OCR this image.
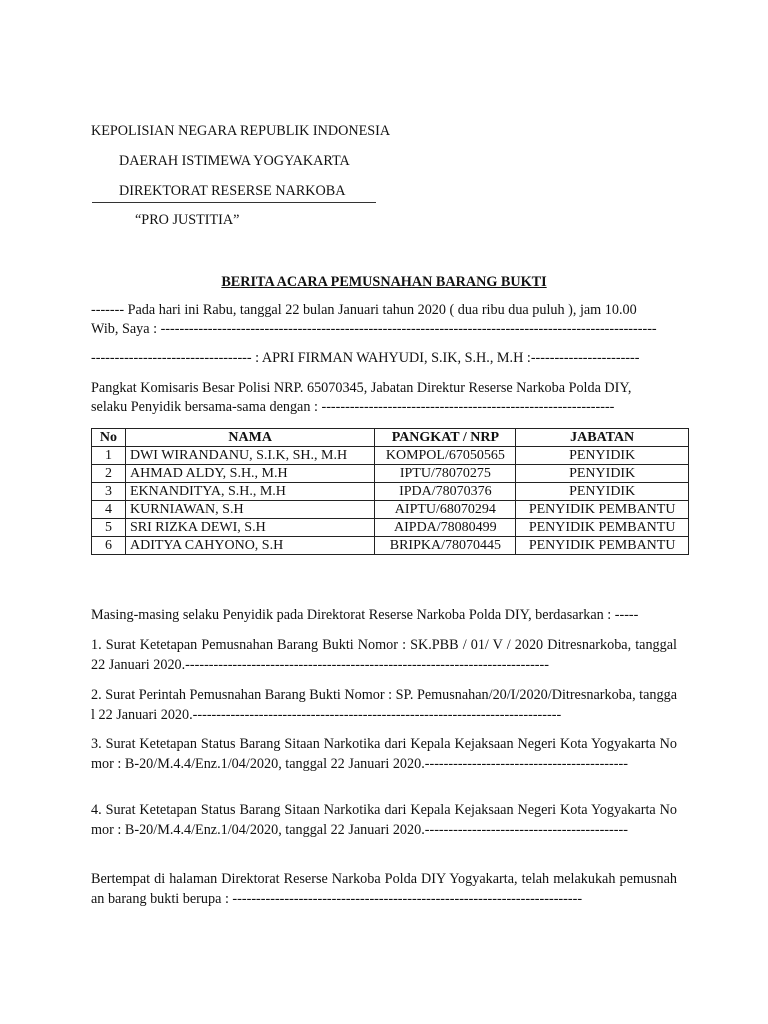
KEPOLISIAN NEGARA REPUBLIK INDONESIA
DAERAH ISTIMEWA YOGYAKARTA
DIREKTORAT RESERSE NARKOBA
“PRO JUSTITIA”
BERITA ACARA PEMUSNAHAN BARANG BUKTI
------- Pada hari ini Rabu, tanggal 22 bulan Januari tahun 2020 ( dua ribu dua puluh ), jam 10.00
Wib, Saya : ---------------------------------------------------------------------------------------------------------
---------------------------------- : APRI FIRMAN WAHYUDI, S.IK, S.H., M.H :-----------------------
Pangkat Komisaris Besar Polisi NRP. 65070345, Jabatan Direktur Reserse Narkoba Polda DIY,
selaku Penyidik bersama-sama dengan : --------------------------------------------------------------
No	NAMA	PANGKAT / NRP	JABATAN
1	DWI WIRANDANU, S.I.K, SH., M.H	KOMPOL/67050565	PENYIDIK
2	AHMAD ALDY, S.H., M.H	IPTU/78070275	PENYIDIK
3	EKNANDITYA, S.H., M.H	IPDA/78070376	PENYIDIK
4	KURNIAWAN, S.H	AIPTU/68070294	PENYIDIK PEMBANTU
5	SRI RIZKA DEWI, S.H	AIPDA/78080499	PENYIDIK PEMBANTU
6	ADITYA CAHYONO, S.H	BRIPKA/78070445	PENYIDIK PEMBANTU
Masing-masing selaku Penyidik pada Direktorat Reserse Narkoba Polda DIY, berdasarkan : -----
1. Surat Ketetapan Pemusnahan Barang Bukti Nomor : SK.PBB / 01/ V / 2020 Ditresnarkoba, tanggal 22 Januari 2020.-----------------------------------------------------------------------------
2. Surat Perintah Pemusnahan Barang Bukti Nomor : SP. Pemusnahan/20/I/2020/Ditresnarkoba, tanggal 22 Januari 2020.------------------------------------------------------------------------------
3. Surat Ketetapan Status Barang Sitaan Narkotika dari Kepala Kejaksaan Negeri Kota Yogyakarta Nomor : B-20/M.4.4/Enz.1/04/2020, tanggal 22 Januari 2020.-------------------------------------------
4. Surat Ketetapan Status Barang Sitaan Narkotika dari Kepala Kejaksaan Negeri Kota Yogyakarta Nomor : B-20/M.4.4/Enz.1/04/2020, tanggal 22 Januari 2020.-------------------------------------------
Bertempat di halaman Direktorat Reserse Narkoba Polda DIY Yogyakarta, telah melakukah pemusnahan barang bukti berupa : --------------------------------------------------------------------------
